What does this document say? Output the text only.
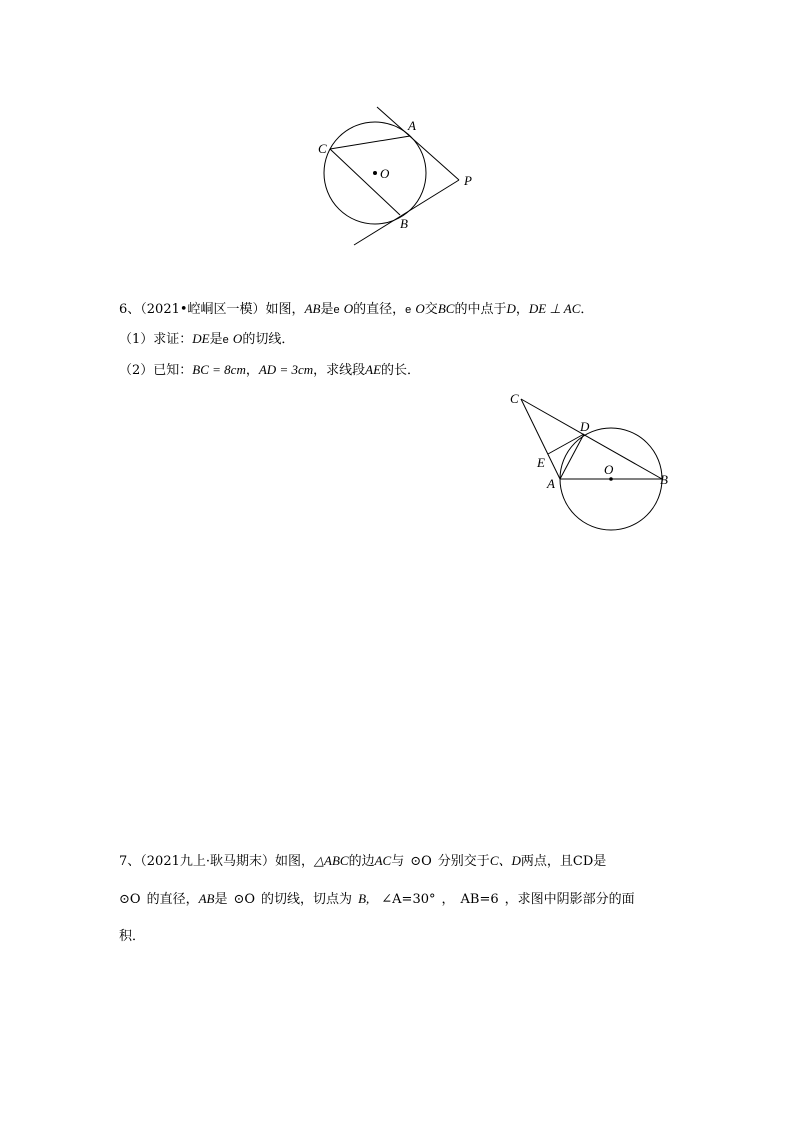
A
C
O	P
B
6、（2021•崆峒区一模）如图，AB是e O的直径，e O交BC的中点于D，DE ⊥ AC．
（1）求证：DE是e O的切线．
（2）已知：BC = 8cm，AD = 3cm，求线段AE的长．
C
D
E	O
A	B
7、（2021九上·耿马期末）如图，△ABC的边AC与 ⊙O 分别交于C、D两点，且CD是
⊙O 的直径，AB是 ⊙O 的切线，切点为 B, ∠A=30° ， AB=6 ，求图中阴影部分的面
积．
